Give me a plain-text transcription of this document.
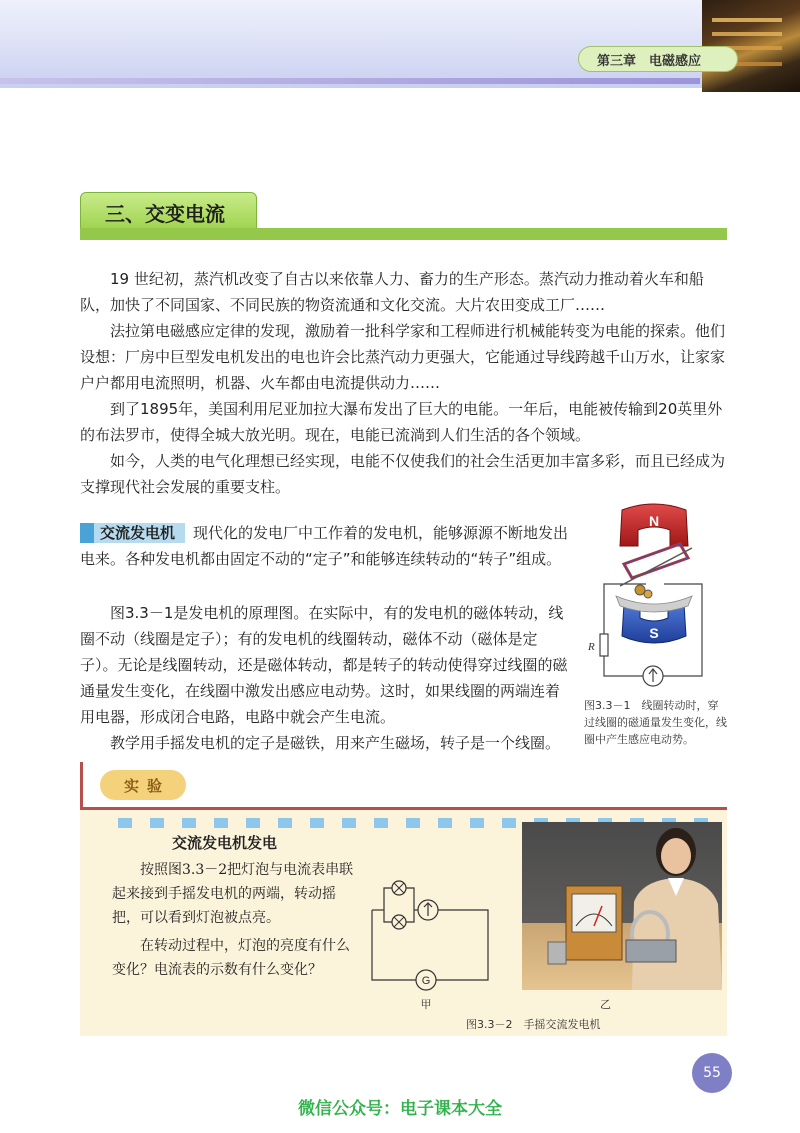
第三章　电磁感应
三、交变电流

19 世纪初，蒸汽机改变了自古以来依靠人力、畜力的生产形态。蒸汽动力推动着火车和船队，加快了不同国家、不同民族的物资流通和文化交流。大片农田变成工厂……

法拉第电磁感应定律的发现，激励着一批科学家和工程师进行机械能转变为电能的探索。他们设想：厂房中巨型发电机发出的电也许会比蒸汽动力更强大，它能通过导线跨越千山万水，让家家户户都用电流照明，机器、火车都由电流提供动力……

到了1895年，美国利用尼亚加拉大瀑布发出了巨大的电能。一年后，电能被传输到20英里外的布法罗市，使得全城大放光明。现在，电能已流淌到人们生活的各个领域。

如今，人类的电气化理想已经实现，电能不仅使我们的社会生活更加丰富多彩，而且已经成为支撑现代社会发展的重要支柱。

交流发电机 现代化的发电厂中工作着的发电机，能够源源不断地发出电来。各种发电机都由固定不动的“定子”和能够连续转动的“转子”组成。

图3.3－1是发电机的原理图。在实际中，有的发电机的磁体转动，线圈不动（线圈是定子）；有的发电机的线圈转动，磁体不动（磁体是定子）。无论是线圈转动，还是磁体转动，都是转子的转动使得穿过线圈的磁通量发生变化，在线圈中激发出感应电动势。这时，如果线圈的两端连着用电器，形成闭合电路，电路中就会产生电流。

教学用手摇发电机的定子是磁铁，用来产生磁场，转子是一个线圈。

N
S
R
图3.3－1　线圈转动时，穿过线圈的磁通量发生变化，线圈中产生感应电动势。
实验
交流发电机发电

按照图3.3－2把灯泡与电流表串联起来接到手摇发电机的两端，转动摇把，可以看到灯泡被点亮。

在转动过程中，灯泡的亮度有什么变化？电流表的示数有什么变化？

G
甲	乙
图3.3－2　手摇交流发电机
55
微信公众号：电子课本大全
